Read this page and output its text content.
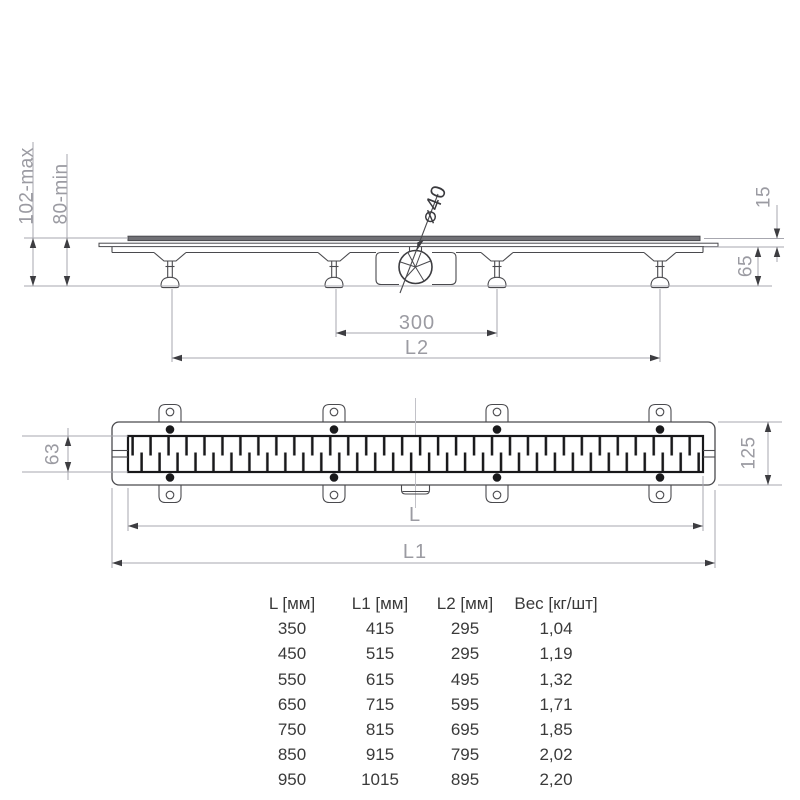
102-max 80-min	15
65
300
L2
⌀40
63	125
L
L1
L [мм]	L1 [мм]	L2 [мм]	Вес [кг/шт]
350	415	295	1,04
450	515	295	1,19
550	615	495	1,32
650	715	595	1,71
750	815	695	1,85
850	915	795	2,02
950	1015	895	2,20
